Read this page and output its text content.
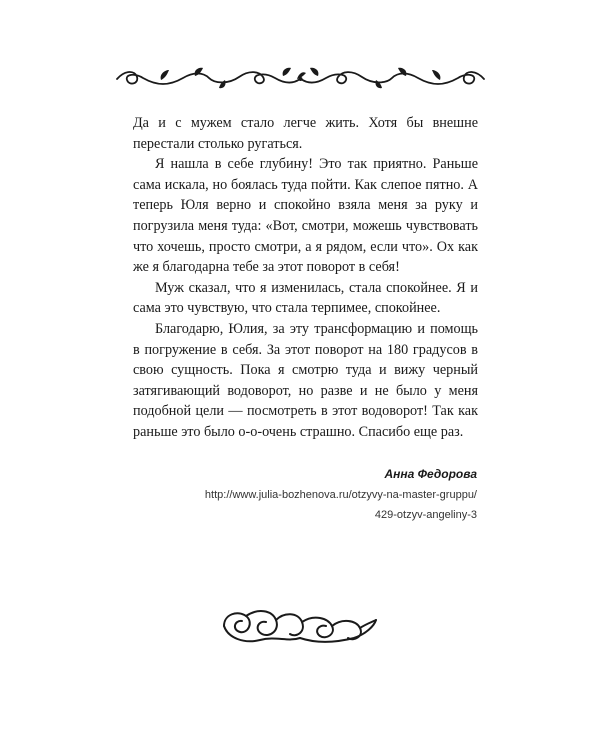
Да и с мужем стало легче жить. Хотя бы внешне перестали столько ругаться.

Я нашла в себе глубину! Это так приятно. Раньше сама искала, но боялась туда пойти. Как слепое пятно. А теперь Юля верно и спокойно взяла меня за руку и погрузила меня туда: «Вот, смотри, можешь чувствовать что хочешь, просто смотри, а я рядом, если что». Ох как же я благодарна тебе за этот поворот в себя!

Муж сказал, что я изменилась, стала спокойнее. Я и сама это чувствую, что стала терпимее, спокойнее.

Благодарю, Юлия, за эту трансформацию и помощь в погружение в себя. За этот поворот на 180 градусов в свою сущность. Пока я смотрю туда и вижу черный затягивающий водоворот, но разве и не было у меня подобной цели — посмотреть в этот водоворот! Так как раньше это было о-о-очень страшно. Спасибо еще раз.

Анна Федорова
http://www.julia-bozhenova.ru/otzyvy-na-master-gruppu/
429-otzyv-angeliny-3
